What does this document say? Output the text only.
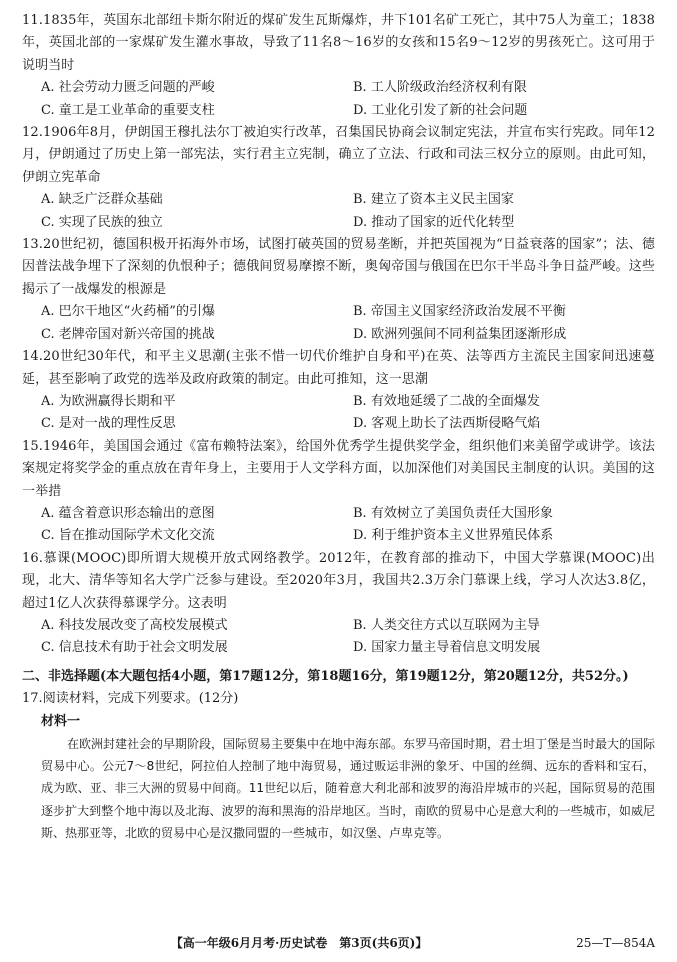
11.1835年，英国东北部纽卡斯尔附近的煤矿发生瓦斯爆炸，井下101名矿工死亡，其中75人为童工；1838年，英国北部的一家煤矿发生灌水事故，导致了11名8～16岁的女孩和15名9～12岁的男孩死亡。这可用于说明当时
A. 社会劳动力匮乏问题的严峻	B. 工人阶级政治经济权利有限
C. 童工是工业革命的重要支柱	D. 工业化引发了新的社会问题
12.1906年8月，伊朗国王穆扎法尔丁被迫实行改革，召集国民协商会议制定宪法，并宣布实行宪政。同年12月，伊朗通过了历史上第一部宪法，实行君主立宪制，确立了立法、行政和司法三权分立的原则。由此可知，伊朗立宪革命
A. 缺乏广泛群众基础	B. 建立了资本主义民主国家
C. 实现了民族的独立	D. 推动了国家的近代化转型
13.20世纪初，德国积极开拓海外市场，试图打破英国的贸易垄断，并把英国视为“日益衰落的国家”；法、德因普法战争埋下了深刻的仇恨种子；德俄间贸易摩擦不断，奥匈帝国与俄国在巴尔干半岛斗争日益严峻。这些揭示了一战爆发的根源是
A. 巴尔干地区“火药桶”的引爆	B. 帝国主义国家经济政治发展不平衡
C. 老牌帝国对新兴帝国的挑战	D. 欧洲列强间不同利益集团逐渐形成
14.20世纪30年代，和平主义思潮(主张不惜一切代价维护自身和平)在英、法等西方主流民主国家间迅速蔓延，甚至影响了政党的选举及政府政策的制定。由此可推知，这一思潮
A. 为欧洲赢得长期和平	B. 有效地延缓了二战的全面爆发
C. 是对一战的理性反思	D. 客观上助长了法西斯侵略气焰
15.1946年，美国国会通过《富布赖特法案》，给国外优秀学生提供奖学金，组织他们来美留学或讲学。该法案规定将奖学金的重点放在青年身上，主要用于人文学科方面，以加深他们对美国民主制度的认识。美国的这一举措
A. 蕴含着意识形态输出的意图	B. 有效树立了美国负责任大国形象
C. 旨在推动国际学术文化交流	D. 利于维护资本主义世界殖民体系
16.慕课(MOOC)即所谓大规模开放式网络教学。2012年，在教育部的推动下，中国大学慕课(MOOC)出现，北大、清华等知名大学广泛参与建设。至2020年3月，我国共2.3万余门慕课上线，学习人次达3.8亿，超过1亿人次获得慕课学分。这表明
A. 科技发展改变了高校发展模式	B. 人类交往方式以互联网为主导
C. 信息技术有助于社会文明发展	D. 国家力量主导着信息文明发展
二、非选择题(本大题包括4小题，第17题12分，第18题16分，第19题12分，第20题12分，共52分。)
17.阅读材料，完成下列要求。(12分)
材料一
在欧洲封建社会的早期阶段，国际贸易主要集中在地中海东部。东罗马帝国时期，君士坦丁堡是当时最大的国际贸易中心。公元7～8世纪，阿拉伯人控制了地中海贸易，通过贩运非洲的象牙、中国的丝绸、远东的香料和宝石，成为欧、亚、非三大洲的贸易中间商。11世纪以后，随着意大利北部和波罗的海沿岸城市的兴起，国际贸易的范围逐步扩大到整个地中海以及北海、波罗的海和黑海的沿岸地区。当时，南欧的贸易中心是意大利的一些城市，如威尼斯、热那亚等，北欧的贸易中心是汉撒同盟的一些城市，如汉堡、卢卑克等。
【高一年级6月月考·历史试卷　第3页(共6页)】	25—T—854A
